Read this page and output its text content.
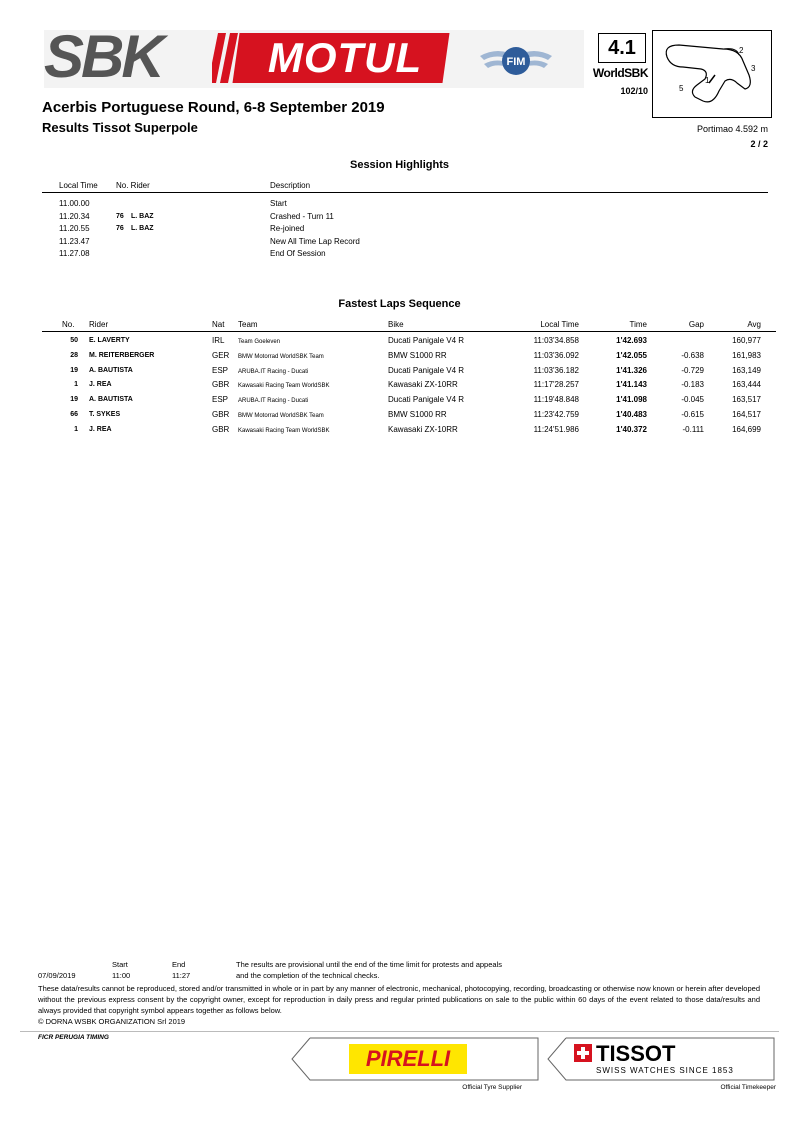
SBK	MOTUL	FIM
4.1
WorldSBK
102/10
2
3
1
5
Acerbis Portuguese Round, 6-8 September 2019
Results Tissot Superpole	Portimao 4.592 m
2 / 2
Session Highlights
Local Time No. Rider	Description
11.00.00	Start
11.20.34	76 L. BAZ	Crashed - Turn 11
11.20.55	76 L. BAZ	Re-joined
11.23.47	New All Time Lap Record
11.27.08	End Of Session
Fastest Laps Sequence
No. Rider	Nat Team	Bike	Local Time	Time	Gap	Avg
50 E. LAVERTY	IRL Team Goeleven	Ducati Panigale V4 R	11:03'34.858	1'42.693	160,977
28 M. REITERBERGER	GER BMW Motorrad WorldSBK Team	BMW S1000 RR	11:03'36.092	1'42.055	-0.638	161,983
19 A. BAUTISTA	ESP ARUBA.IT Racing - Ducati	Ducati Panigale V4 R	11:03'36.182	1'41.326	-0.729	163,149
1 J. REA	GBR Kawasaki Racing Team WorldSBK	Kawasaki ZX-10RR	11:17'28.257	1'41.143	-0.183	163,444
19 A. BAUTISTA	ESP ARUBA.IT Racing - Ducati	Ducati Panigale V4 R	11:19'48.848	1'41.098	-0.045	163,517
66 T. SYKES	GBR BMW Motorrad WorldSBK Team	BMW S1000 RR	11:23'42.759	1'40.483	-0.615	164,517
1 J. REA	GBR Kawasaki Racing Team WorldSBK	Kawasaki ZX-10RR	11:24'51.986	1'40.372	-0.111	164,699
Start	End	The results are provisional until the end of the time limit for protests and appeals
07/09/2019	11:00	11:27	and the completion of the technical checks.
These data/results cannot be reproduced, stored and/or transmitted in whole or in part by any manner of electronic, mechanical, photocopying, recording, broadcasting or otherwise now known or herein after developed without the previous express consent by the copyright owner, except for reproduction in daily press and regular printed publications on sale to the public within 60 days of the event related to those data/results and always provided that copyright symbol appears together as follows below.
© DORNA WSBK ORGANIZATION Srl 2019
FICR PERUGIA TIMING
PIRELLI
Official Tyre Supplier
TISSOT
SWISS WATCHES SINCE 1853
Official Timekeeper
